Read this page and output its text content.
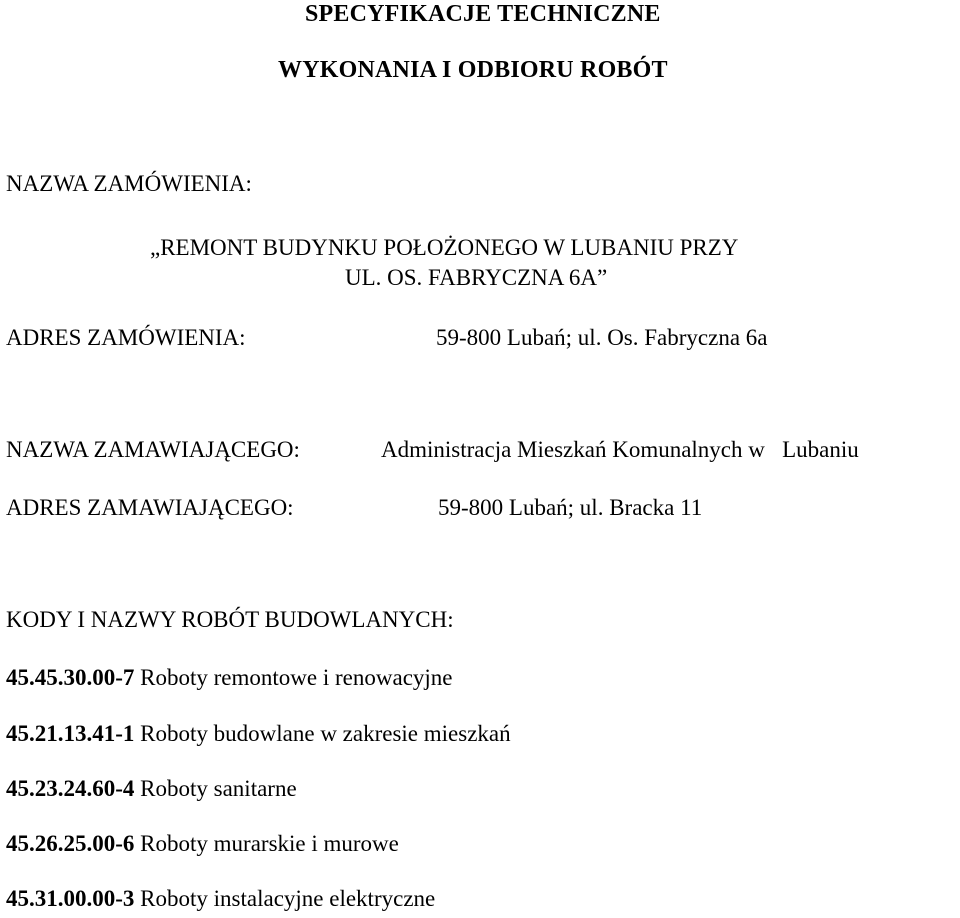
SPECYFIKACJE TECHNICZNE
WYKONANIA I ODBIORU ROBÓT
NAZWA ZAMÓWIENIA:
„REMONT BUDYNKU POŁOŻONEGO W LUBANIU PRZY
UL. OS. FABRYCZNA 6A”
ADRES ZAMÓWIENIA:	59-800 Lubań; ul. Os. Fabryczna 6a
NAZWA ZAMAWIAJĄCEGO:	Administracja Mieszkań Komunalnych w   Lubaniu
ADRES ZAMAWIAJĄCEGO:	59-800 Lubań; ul. Bracka 11
KODY I NAZWY ROBÓT BUDOWLANYCH:
45.45.30.00-7 Roboty remontowe i renowacyjne
45.21.13.41-1 Roboty budowlane w zakresie mieszkań
45.23.24.60-4 Roboty sanitarne
45.26.25.00-6 Roboty murarskie i murowe
45.31.00.00-3 Roboty instalacyjne elektryczne
